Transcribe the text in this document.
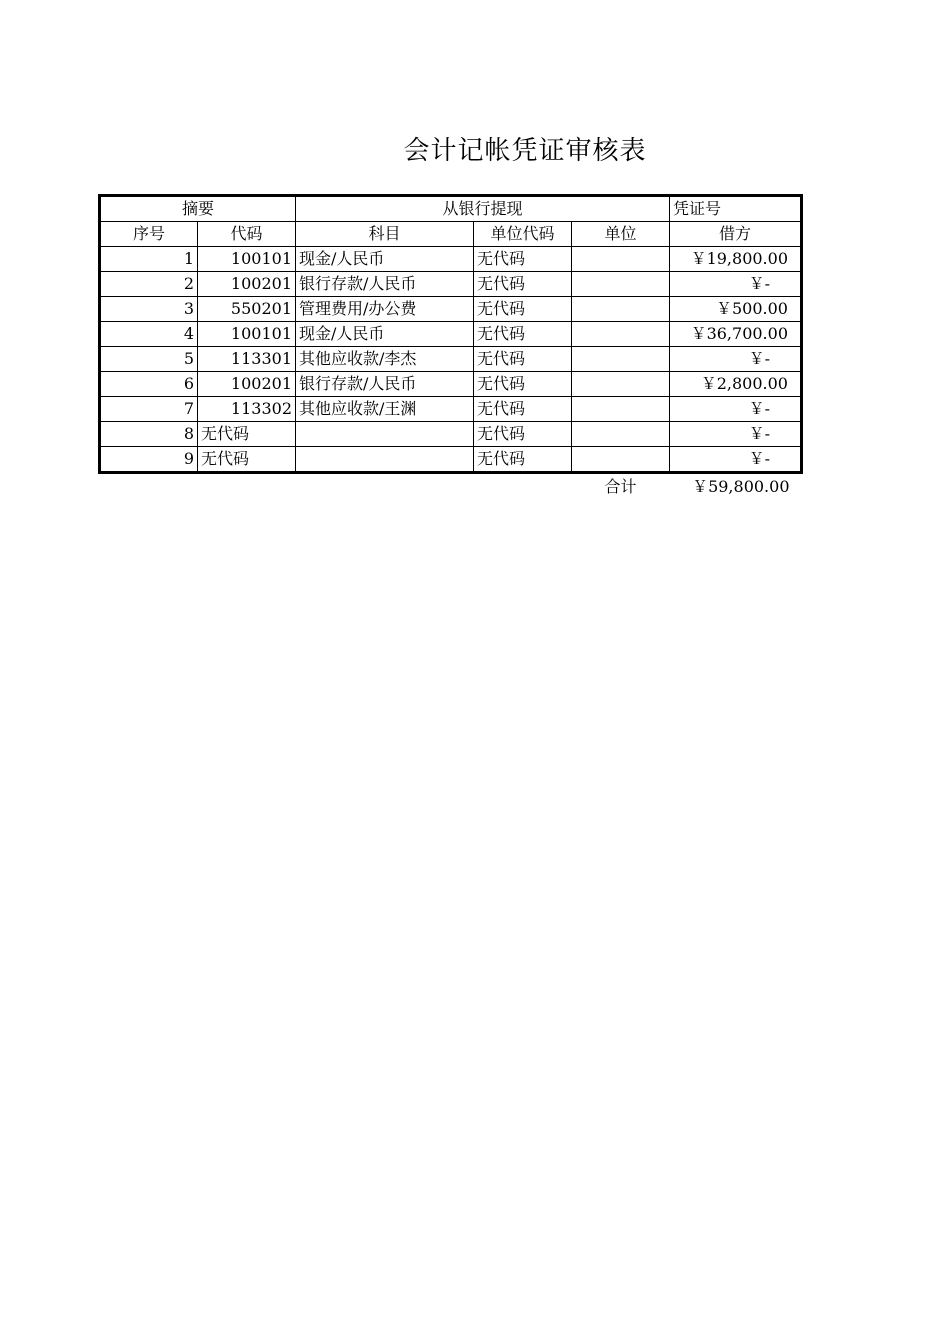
会计记帐凭证审核表
摘要		从银行提现			凭证号
序号	代码	科目	单位代码	单位	借方
1	100101	现金/人民币	无代码		￥19,800.00
2	100201	银行存款/人民币	无代码		￥-
3	550201	管理费用/办公费	无代码		￥500.00
4	100101	现金/人民币	无代码		￥36,700.00
5	113301	其他应收款/李杰	无代码		￥-
6	100201	银行存款/人民币	无代码		￥2,800.00
7	113302	其他应收款/王渊	无代码		￥-
8	无代码		无代码		￥-
9	无代码		无代码		￥-
				合计	￥59,800.00
